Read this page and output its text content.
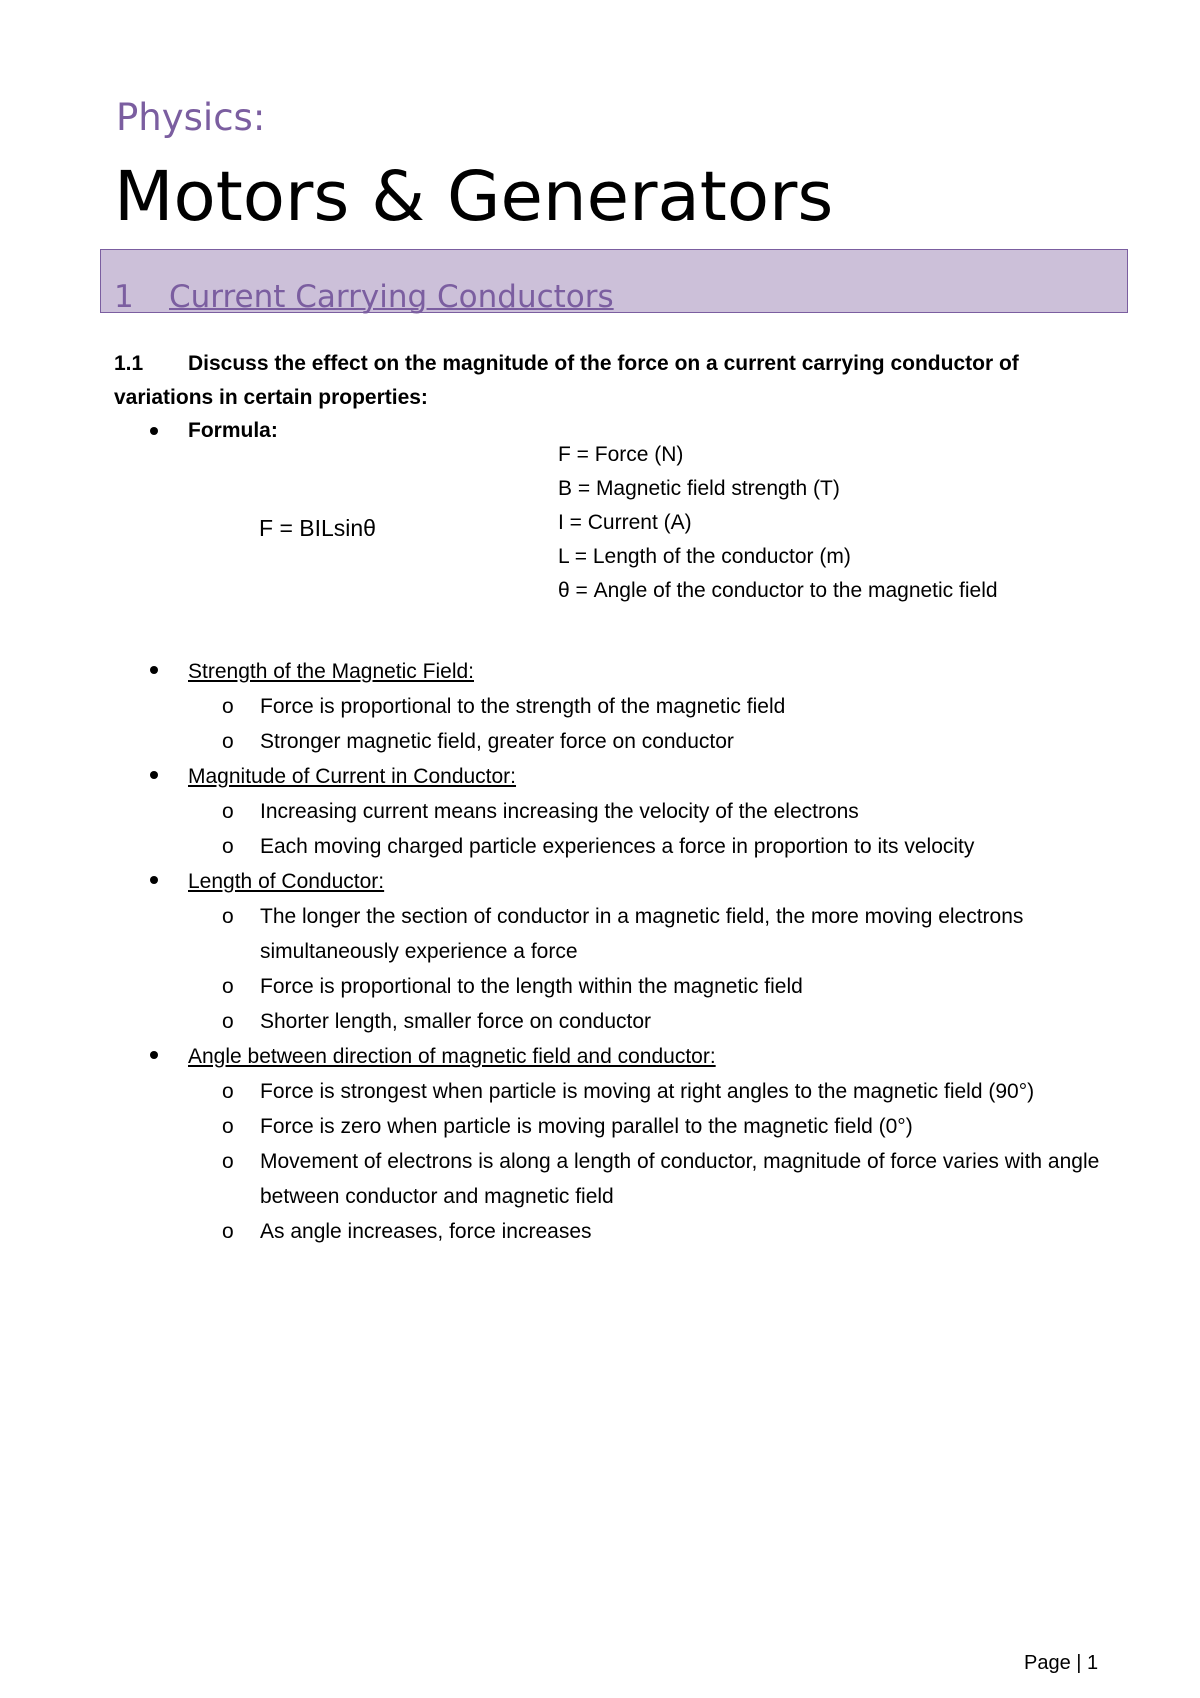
Physics:
Motors & Generators
1 Current Carrying Conductors

1.1 Discuss the effect on the magnitude of the force on a current carrying conductor of variations in certain properties:

Formula:
F = BILsinθ
F = Force (N)
B = Magnetic field strength (T)
I = Current (A)
L = Length of the conductor (m)
θ = Angle of the conductor to the magnetic field
Strength of the Magnetic Field:
o Force is proportional to the strength of the magnetic field
o Stronger magnetic field, greater force on conductor
Magnitude of Current in Conductor:
o Increasing current means increasing the velocity of the electrons
o Each moving charged particle experiences a force in proportion to its velocity
Length of Conductor:
o The longer the section of conductor in a magnetic field, the more moving electrons simultaneously experience a force
o Force is proportional to the length within the magnetic field
o Shorter length, smaller force on conductor
Angle between direction of magnetic field and conductor:
o Force is strongest when particle is moving at right angles to the magnetic field (90°)
o Force is zero when particle is moving parallel to the magnetic field (0°)
o Movement of electrons is along a length of conductor, magnitude of force varies with angle between conductor and magnetic field
o As angle increases, force increases
Page | 1
